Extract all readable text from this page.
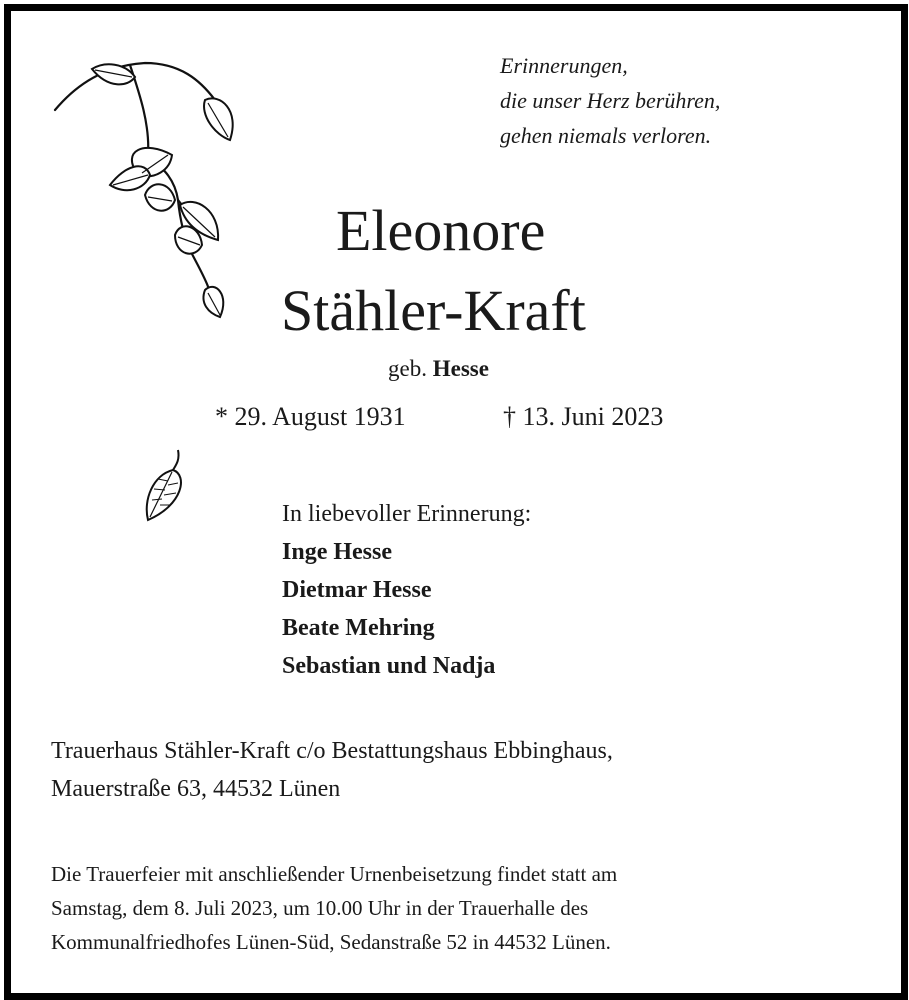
Erinnerungen,
die unser Herz berühren,
gehen niemals verloren.
Eleonore
Stähler-Kraft
geb. Hesse
* 29. August 1931	† 13. Juni 2023
In liebevoller Erinnerung:
Inge Hesse
Dietmar Hesse
Beate Mehring
Sebastian und Nadja
Trauerhaus Stähler-Kraft c/o Bestattungshaus Ebbinghaus,
Mauerstraße 63, 44532 Lünen
Die Trauerfeier mit anschließender Urnenbeisetzung findet statt am
Samstag, dem 8. Juli 2023, um 10.00 Uhr in der Trauerhalle des
Kommunalfriedhofes Lünen-Süd, Sedanstraße 52 in 44532 Lünen.
